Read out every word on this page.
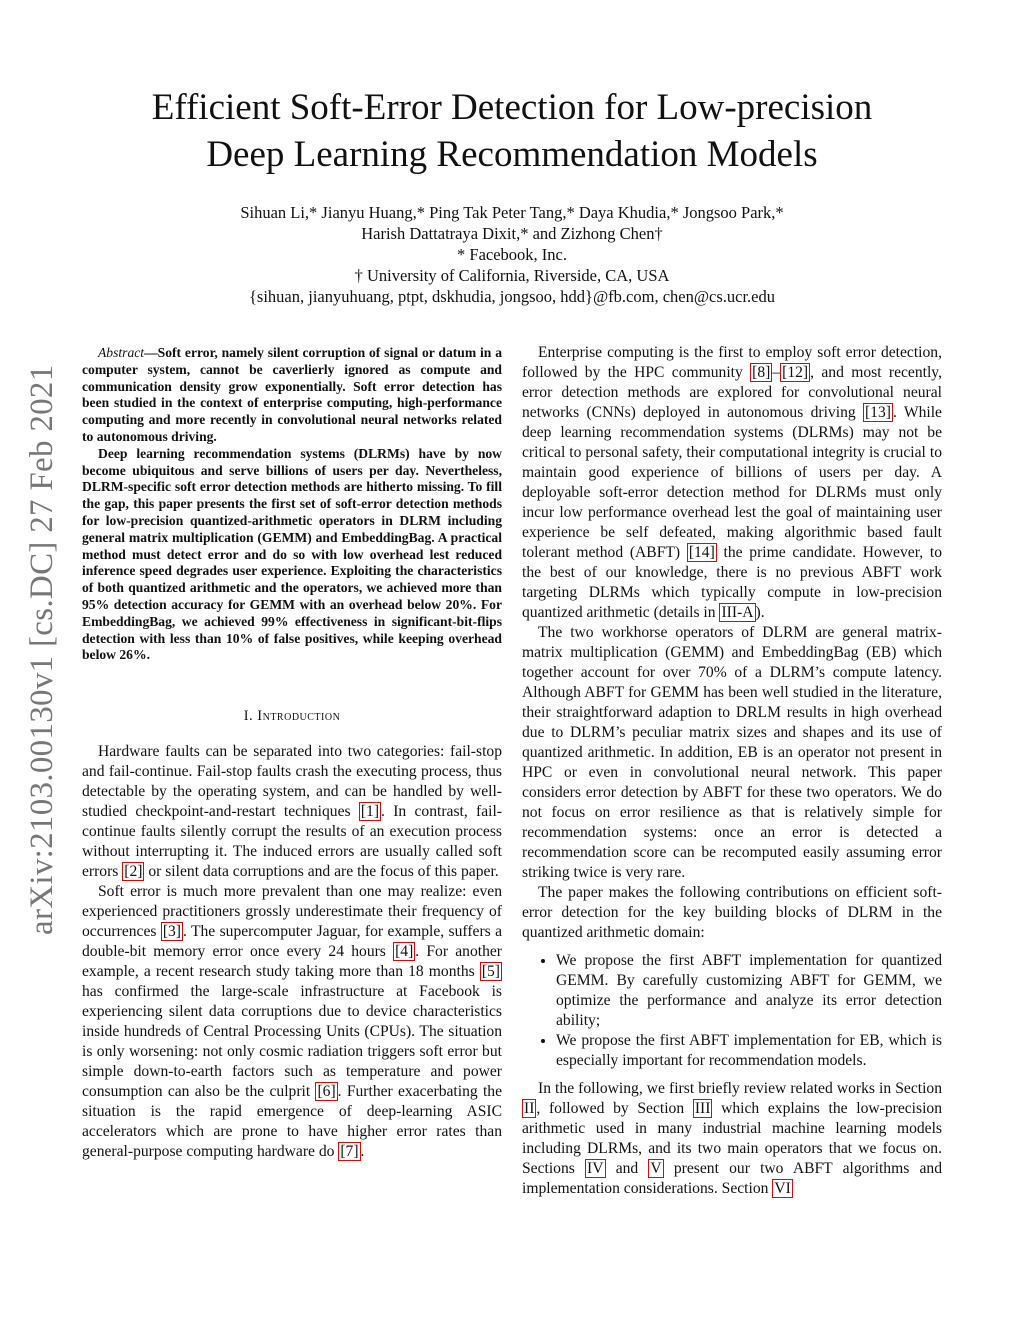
arXiv:2103.00130v1 [cs.DC] 27 Feb 2021
Efficient Soft-Error Detection for Low-precision
Deep Learning Recommendation Models
Sihuan Li,* Jianyu Huang,* Ping Tak Peter Tang,* Daya Khudia,* Jongsoo Park,*
Harish Dattatraya Dixit,* and Zizhong Chen†
* Facebook, Inc.
† University of California, Riverside, CA, USA
{sihuan, jianyuhuang, ptpt, dskhudia, jongsoo, hdd}@fb.com, chen@cs.ucr.edu

Abstract—Soft error, namely silent corruption of signal or datum in a computer system, cannot be caverlierly ignored as compute and communication density grow exponentially. Soft error detection has been studied in the context of enterprise computing, high-performance computing and more recently in convolutional neural networks related to autonomous driving.

Deep learning recommendation systems (DLRMs) have by now become ubiquitous and serve billions of users per day. Nevertheless, DLRM-specific soft error detection methods are hitherto missing. To fill the gap, this paper presents the first set of soft-error detection methods for low-precision quantized-arithmetic operators in DLRM including general matrix multiplication (GEMM) and EmbeddingBag. A practical method must detect error and do so with low overhead lest reduced inference speed degrades user experience. Exploiting the characteristics of both quantized arithmetic and the operators, we achieved more than 95% detection accuracy for GEMM with an overhead below 20%. For EmbeddingBag, we achieved 99% effectiveness in significant-bit-flips detection with less than 10% of false positives, while keeping overhead below 26%.

I. Introduction

Hardware faults can be separated into two categories: fail-stop and fail-continue. Fail-stop faults crash the executing process, thus detectable by the operating system, and can be handled by well-studied checkpoint-and-restart techniques [1] . In contrast, fail-continue faults silently corrupt the results of an execution process without interrupting it. The induced errors are usually called soft errors [2] or silent data corruptions and are the focus of this paper.

Soft error is much more prevalent than one may realize: even experienced practitioners grossly underestimate their frequency of occurrences [3] . The supercomputer Jaguar, for example, suffers a double-bit memory error once every 24 hours [4] . For another example, a recent research study taking more than 18 months [5] has confirmed the large-scale infrastructure at Facebook is experiencing silent data corruptions due to device characteristics inside hundreds of Central Processing Units (CPUs). The situation is only worsening: not only cosmic radiation triggers soft error but simple down-to-earth factors such as temperature and power consumption can also be the culprit [6] . Further exacerbating the situation is the rapid emergence of deep-learning ASIC accelerators which are prone to have higher error rates than general-purpose computing hardware do [7] .

Enterprise computing is the first to employ soft error detection, followed by the HPC community [8] – [12] , and most recently, error detection methods are explored for convolutional neural networks (CNNs) deployed in autonomous driving [13] . While deep learning recommendation systems (DLRMs) may not be critical to personal safety, their computational integrity is crucial to maintain good experience of billions of users per day. A deployable soft-error detection method for DLRMs must only incur low performance overhead lest the goal of maintaining user experience be self defeated, making algorithmic based fault tolerant method (ABFT) [14] the prime candidate. However, to the best of our knowledge, there is no previous ABFT work targeting DLRMs which typically compute in low-precision quantized arithmetic (details in III-A ).

The two workhorse operators of DLRM are general matrix-matrix multiplication (GEMM) and EmbeddingBag (EB) which together account for over 70% of a DLRM’s compute latency. Although ABFT for GEMM has been well studied in the literature, their straightforward adaption to DRLM results in high overhead due to DLRM’s peculiar matrix sizes and shapes and its use of quantized arithmetic. In addition, EB is an operator not present in HPC or even in convolutional neural network. This paper considers error detection by ABFT for these two operators. We do not focus on error resilience as that is relatively simple for recommendation systems: once an error is detected a recommendation score can be recomputed easily assuming error striking twice is very rare.

The paper makes the following contributions on efficient soft-error detection for the key building blocks of DLRM in the quantized arithmetic domain:

• We propose the first ABFT implementation for quantized GEMM. By carefully customizing ABFT for GEMM, we optimize the performance and analyze its error detection ability;
• We propose the first ABFT implementation for EB, which is especially important for recommendation models.

In the following, we first briefly review related works in Section II , followed by Section III which explains the low-precision arithmetic used in many industrial machine learning models including DLRMs, and its two main operators that we focus on. Sections IV and V present our two ABFT algorithms and implementation considerations. Section VI
